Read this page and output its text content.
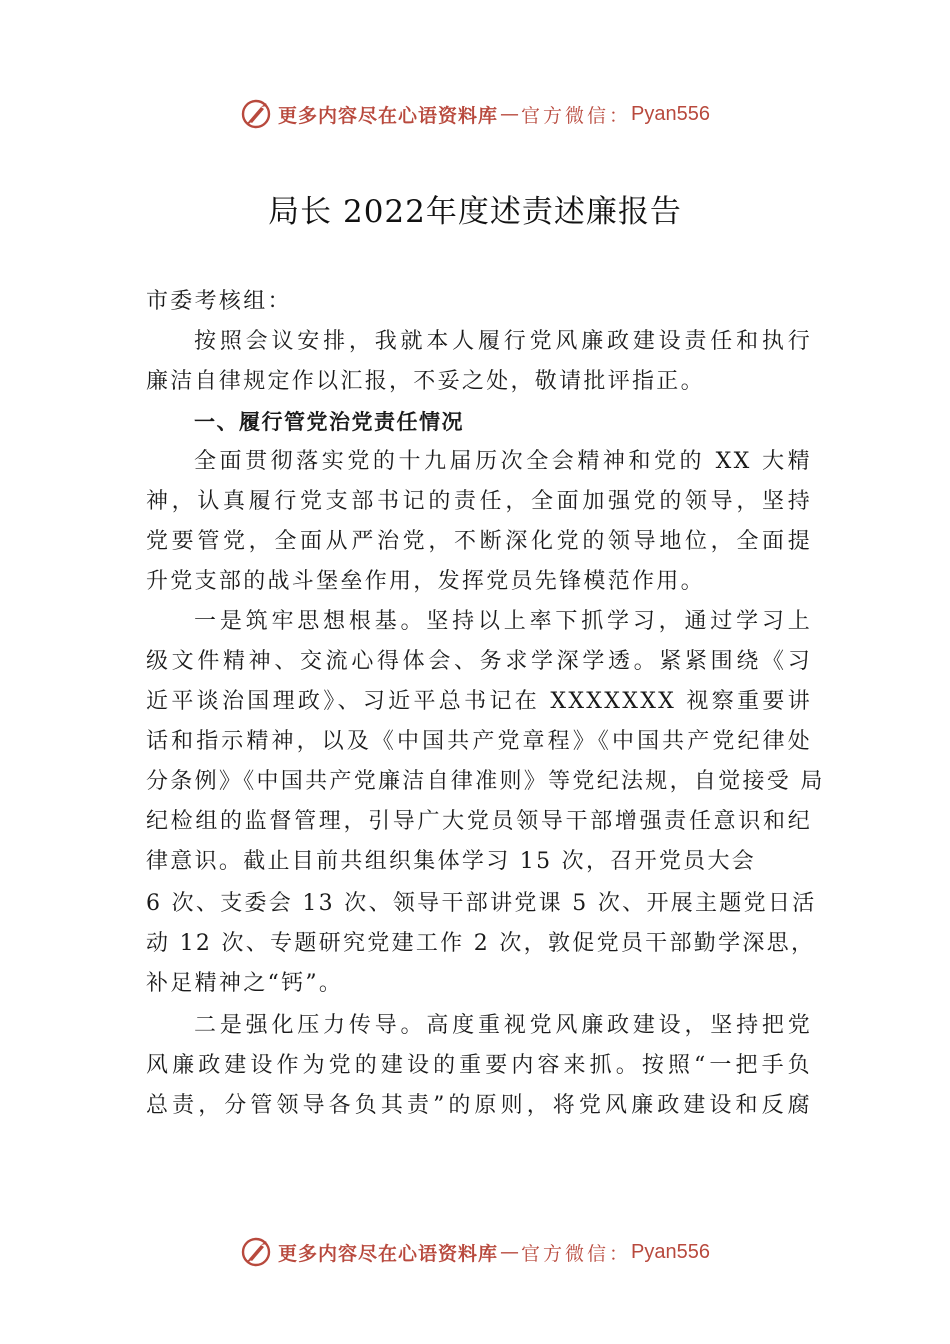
更多内容尽在心语资料库 — 官方微信： Pyan556
局长 2022年度述责述廉报告
市委考核组：
按照会议安排，我就本人履行党风廉政建设责任和执行
廉洁自律规定作以汇报，不妥之处，敬请批评指正。
一、履行管党治党责任情况
全面贯彻落实党的十九届历次全会精神和党的 XX 大精
神，认真履行党支部书记的责任，全面加强党的领导，坚持
党要管党，全面从严治党，不断深化党的领导地位，全面提
升党支部的战斗堡垒作用，发挥党员先锋模范作用。
一是筑牢思想根基。坚持以上率下抓学习，通过学习上
级文件精神、交流心得体会、务求学深学透。紧紧围绕《习
近平谈治国理政》、习近平总书记在 XXXXXXX 视察重要讲
话和指示精神，以及《中国共产党章程》《中国共产党纪律处
分条例》《中国共产党廉洁自律准则》等党纪法规，自觉接受 局
纪检组的监督管理，引导广大党员领导干部增强责任意识和纪
律意识。截止目前共组织集体学习 15 次，召开党员大会
6 次、支委会 13 次、领导干部讲党课 5 次、开展主题党日活
动 12 次、专题研究党建工作 2 次，敦促党员干部勤学深思，
补足精神之“钙”。
二是强化压力传导。高度重视党风廉政建设，坚持把党
风廉政建设作为党的建设的重要内容来抓。按照“一把手负
总责，分管领导各负其责”的原则，将党风廉政建设和反腐
更多内容尽在心语资料库 — 官方微信： Pyan556
